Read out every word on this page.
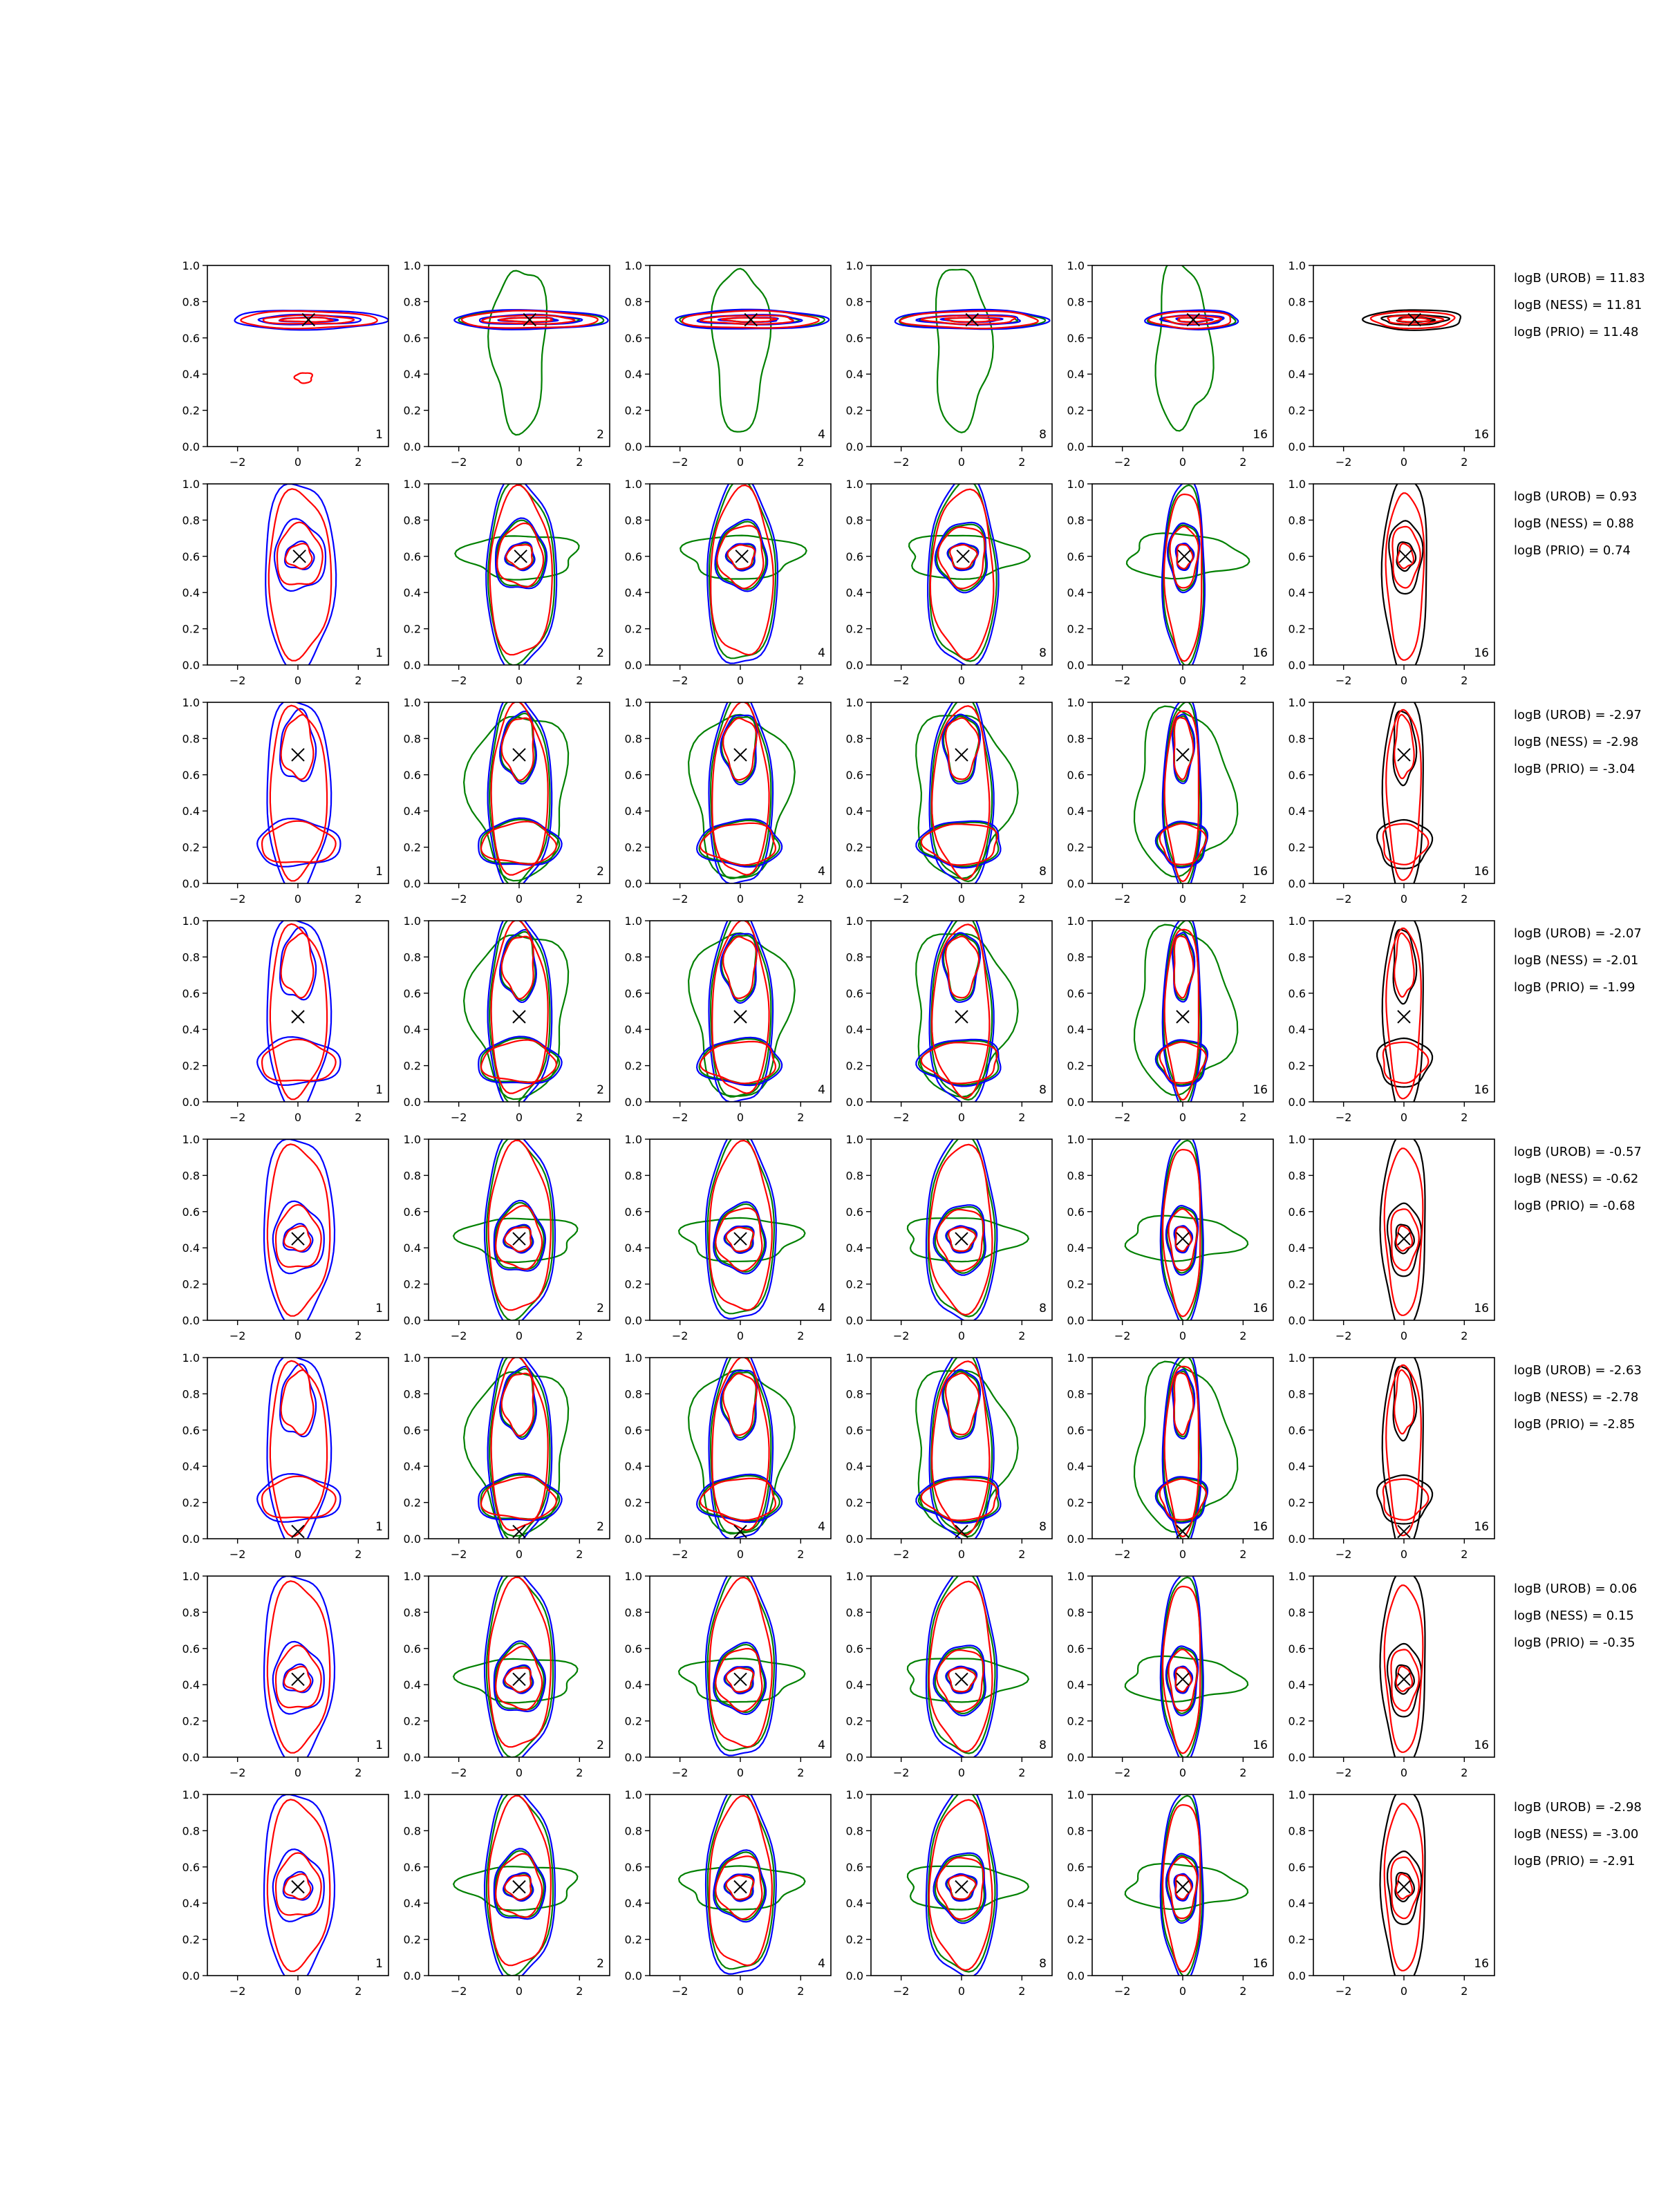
0.0
0.2
0.4
0.6
0.8
1.0
−2	0	2
1
0.0
0.2
0.4
0.6
0.8
1.0
−2	0	2
2
0.0
0.2
0.4
0.6
0.8
1.0
−2	0	2
4
0.0
0.2
0.4
0.6
0.8
1.0
−2	0	2
8
0.0
0.2
0.4
0.6
0.8
1.0
−2	0	2
16
0.0
0.2
0.4
0.6
0.8
1.0
−2	0	2
16
logB (UROB) = 11.83
logB (NESS) = 11.81
logB (PRIO) = 11.48
0.0
0.2
0.4
0.6
0.8
1.0
−2	0	2
1
0.0
0.2
0.4
0.6
0.8
1.0
−2	0	2
2
0.0
0.2
0.4
0.6
0.8
1.0
−2	0	2
4
0.0
0.2
0.4
0.6
0.8
1.0
−2	0	2
8
0.0
0.2
0.4
0.6
0.8
1.0
−2	0	2
16
0.0
0.2
0.4
0.6
0.8
1.0
−2	0	2
16
logB (UROB) = 0.93
logB (NESS) = 0.88
logB (PRIO) = 0.74
0.0
0.2
0.4
0.6
0.8
1.0
−2	0	2
1
0.0
0.2
0.4
0.6
0.8
1.0
−2	0	2
2
0.0
0.2
0.4
0.6
0.8
1.0
−2	0	2
4
0.0
0.2
0.4
0.6
0.8
1.0
−2	0	2
8
0.0
0.2
0.4
0.6
0.8
1.0
−2	0	2
16
0.0
0.2
0.4
0.6
0.8
1.0
−2	0	2
16
logB (UROB) = -2.97
logB (NESS) = -2.98
logB (PRIO) = -3.04
0.0
0.2
0.4
0.6
0.8
1.0
−2	0	2
1
0.0
0.2
0.4
0.6
0.8
1.0
−2	0	2
2
0.0
0.2
0.4
0.6
0.8
1.0
−2	0	2
4
0.0
0.2
0.4
0.6
0.8
1.0
−2	0	2
8
0.0
0.2
0.4
0.6
0.8
1.0
−2	0	2
16
0.0
0.2
0.4
0.6
0.8
1.0
−2	0	2
16
logB (UROB) = -2.07
logB (NESS) = -2.01
logB (PRIO) = -1.99
0.0
0.2
0.4
0.6
0.8
1.0
−2	0	2
1
0.0
0.2
0.4
0.6
0.8
1.0
−2	0	2
2
0.0
0.2
0.4
0.6
0.8
1.0
−2	0	2
4
0.0
0.2
0.4
0.6
0.8
1.0
−2	0	2
8
0.0
0.2
0.4
0.6
0.8
1.0
−2	0	2
16
0.0
0.2
0.4
0.6
0.8
1.0
−2	0	2
16
logB (UROB) = -0.57
logB (NESS) = -0.62
logB (PRIO) = -0.68
0.0
0.2
0.4
0.6
0.8
1.0
−2	0	2
1
0.0
0.2
0.4
0.6
0.8
1.0
−2	0	2
2
0.0
0.2
0.4
0.6
0.8
1.0
−2	0	2
4
0.0
0.2
0.4
0.6
0.8
1.0
−2	0	2
8
0.0
0.2
0.4
0.6
0.8
1.0
−2	0	2
16
0.0
0.2
0.4
0.6
0.8
1.0
−2	0	2
16
logB (UROB) = -2.63
logB (NESS) = -2.78
logB (PRIO) = -2.85
0.0
0.2
0.4
0.6
0.8
1.0
−2	0	2
1
0.0
0.2
0.4
0.6
0.8
1.0
−2	0	2
2
0.0
0.2
0.4
0.6
0.8
1.0
−2	0	2
4
0.0
0.2
0.4
0.6
0.8
1.0
−2	0	2
8
0.0
0.2
0.4
0.6
0.8
1.0
−2	0	2
16
0.0
0.2
0.4
0.6
0.8
1.0
−2	0	2
16
logB (UROB) = 0.06
logB (NESS) = 0.15
logB (PRIO) = -0.35
0.0
0.2
0.4
0.6
0.8
1.0
−2	0	2
1
0.0
0.2
0.4
0.6
0.8
1.0
−2	0	2
2
0.0
0.2
0.4
0.6
0.8
1.0
−2	0	2
4
0.0
0.2
0.4
0.6
0.8
1.0
−2	0	2
8
0.0
0.2
0.4
0.6
0.8
1.0
−2	0	2
16
0.0
0.2
0.4
0.6
0.8
1.0
−2	0	2
16
logB (UROB) = -2.98
logB (NESS) = -3.00
logB (PRIO) = -2.91
